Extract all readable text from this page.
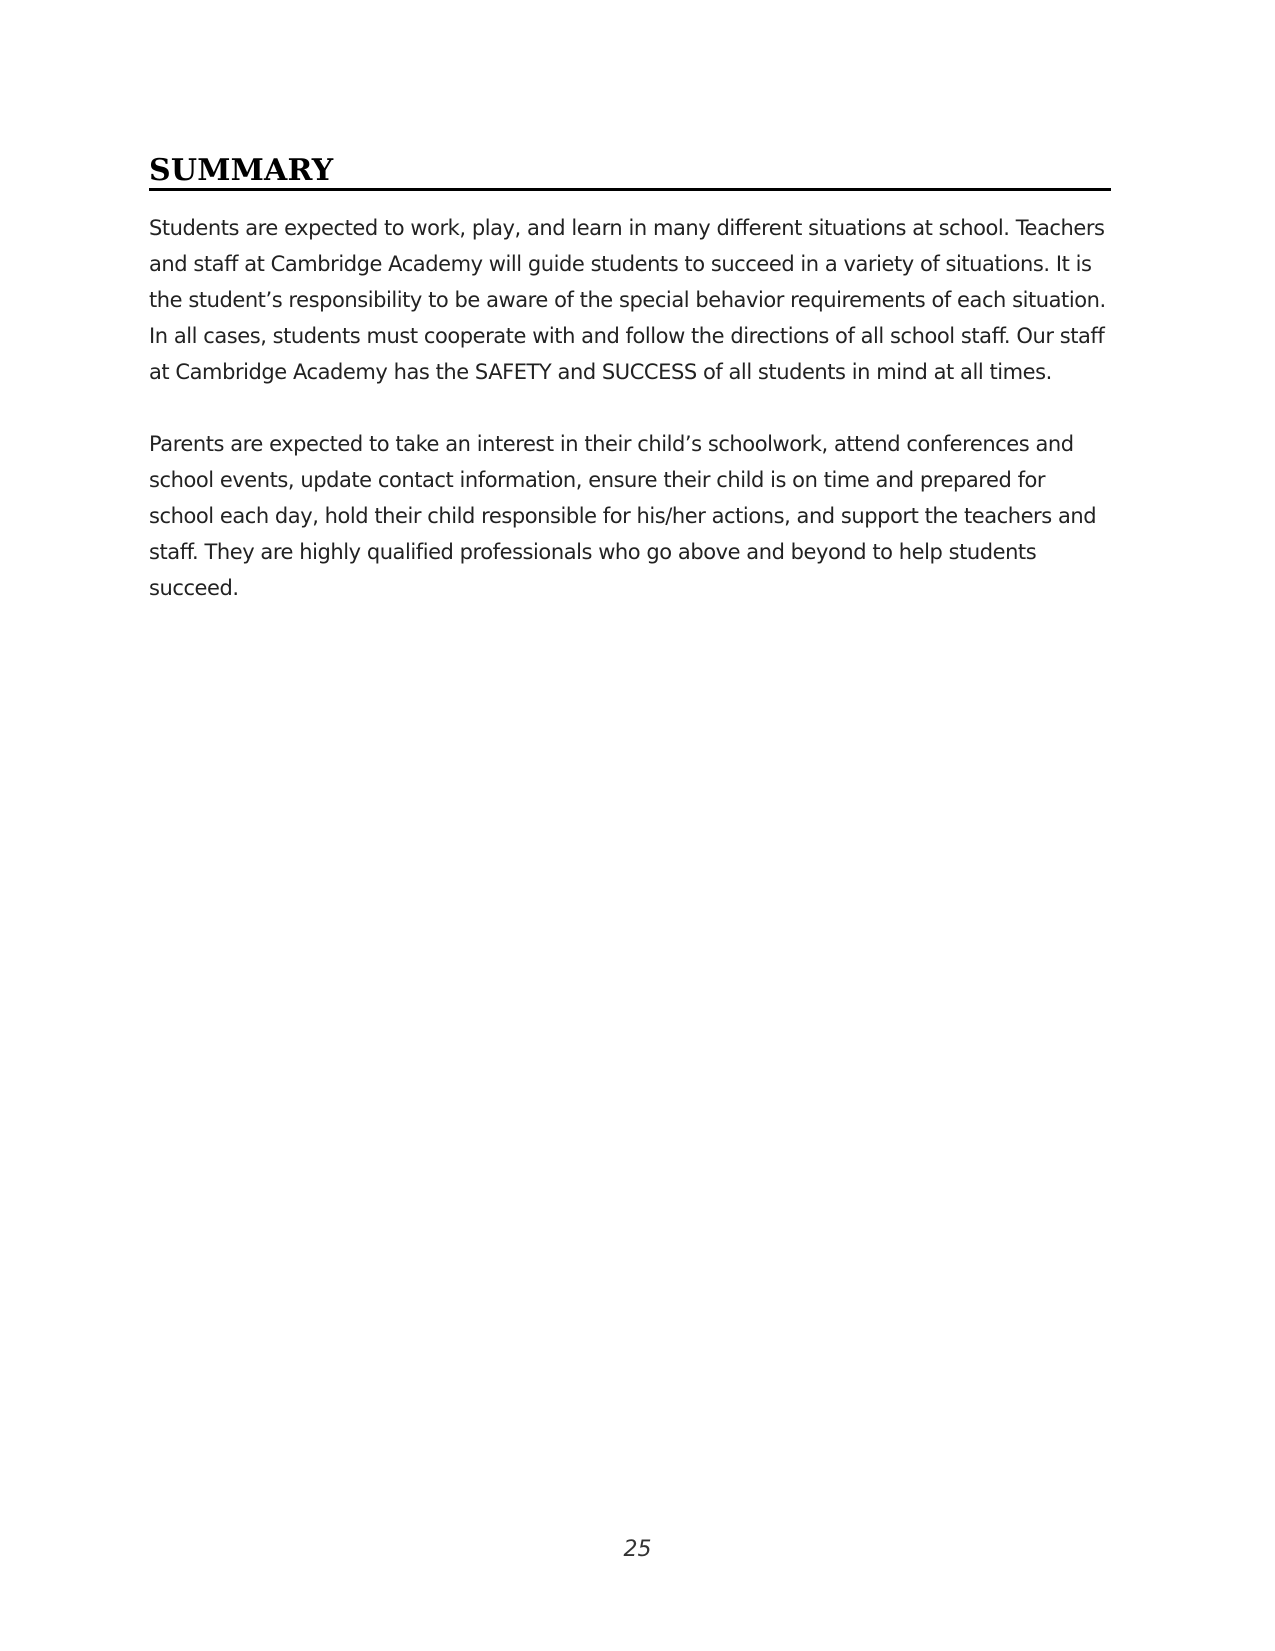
SUMMARY

Students are expected to work, play, and learn in many different situations at school. Teachers
and staff at Cambridge Academy will guide students to succeed in a variety of situations. It is
the student’s responsibility to be aware of the special behavior requirements of each situation.
In all cases, students must cooperate with and follow the directions of all school staff. Our staff
at Cambridge Academy has the SAFETY and SUCCESS of all students in mind at all times.

Parents are expected to take an interest in their child’s schoolwork, attend conferences and
school events, update contact information, ensure their child is on time and prepared for
school each day, hold their child responsible for his/her actions, and support the teachers and
staff. They are highly qualified professionals who go above and beyond to help students
succeed.

25
